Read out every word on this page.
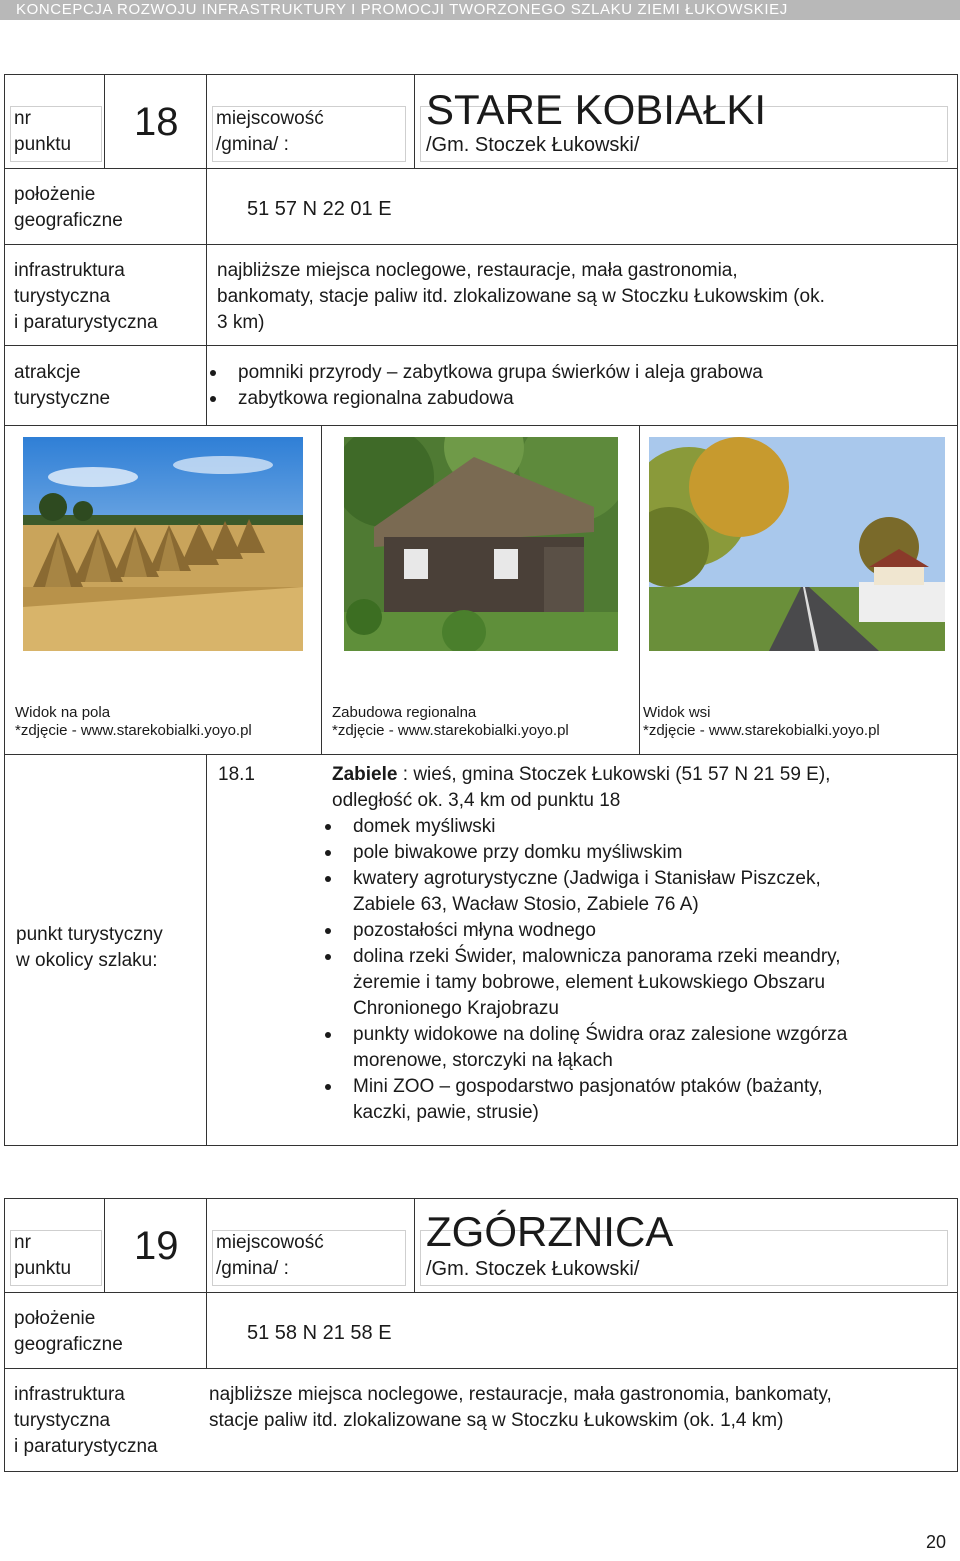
KONCEPCJA ROZWOJU INFRASTRUKTURY I PROMOCJI TWORZONEGO SZLAKU ZIEMI ŁUKOWSKIEJ
nr
punktu
18 miejscowość
/gmina/ :
STARE KOBIAŁKI
/Gm. Stoczek Łukowski/
położenie
geograficzne
51 57 N 22 01 E
infrastruktura
turystyczna
i paraturystyczna
najbliższe miejsca noclegowe, restauracje, mała gastronomia,
bankomaty, stacje paliw itd. zlokalizowane są w Stoczku Łukowskim (ok.
3 km)
atrakcje
turystyczne
pomniki przyrody – zabytkowa grupa świerków i aleja grabowa
zabytkowa regionalna zabudowa
Widok na pola
*zdjęcie - www.starekobialki.yoyo.pl
Zabudowa regionalna
*zdjęcie - www.starekobialki.yoyo.pl
Widok wsi
*zdjęcie - www.starekobialki.yoyo.pl
punkt turystyczny
w okolicy szlaku:
18.1	Zabiele : wieś, gmina Stoczek Łukowski (51 57 N 21 59 E),
odległość ok. 3,4 km od punktu 18
domek myśliwski
pole biwakowe przy domku myśliwskim
kwatery agroturystyczne (Jadwiga i Stanisław Piszczek,
Zabiele 63, Wacław Stosio, Zabiele 76 A)
pozostałości młyna wodnego
dolina rzeki Świder, malownicza panorama rzeki meandry,
żeremie i tamy bobrowe, element Łukowskiego Obszaru
Chronionego Krajobrazu
punkty widokowe na dolinę Świdra oraz zalesione wzgórza
morenowe, storczyki na łąkach
Mini ZOO – gospodarstwo pasjonatów ptaków (bażanty,
kaczki, pawie, strusie)
nr
punktu
19 miejscowość
/gmina/ :
ZGÓRZNICA
/Gm. Stoczek Łukowski/
położenie
geograficzne
51 58 N 21 58 E
infrastruktura
turystyczna
i paraturystyczna
najbliższe miejsca noclegowe, restauracje, mała gastronomia, bankomaty,
stacje paliw itd. zlokalizowane są w Stoczku Łukowskim (ok. 1,4 km)
20
